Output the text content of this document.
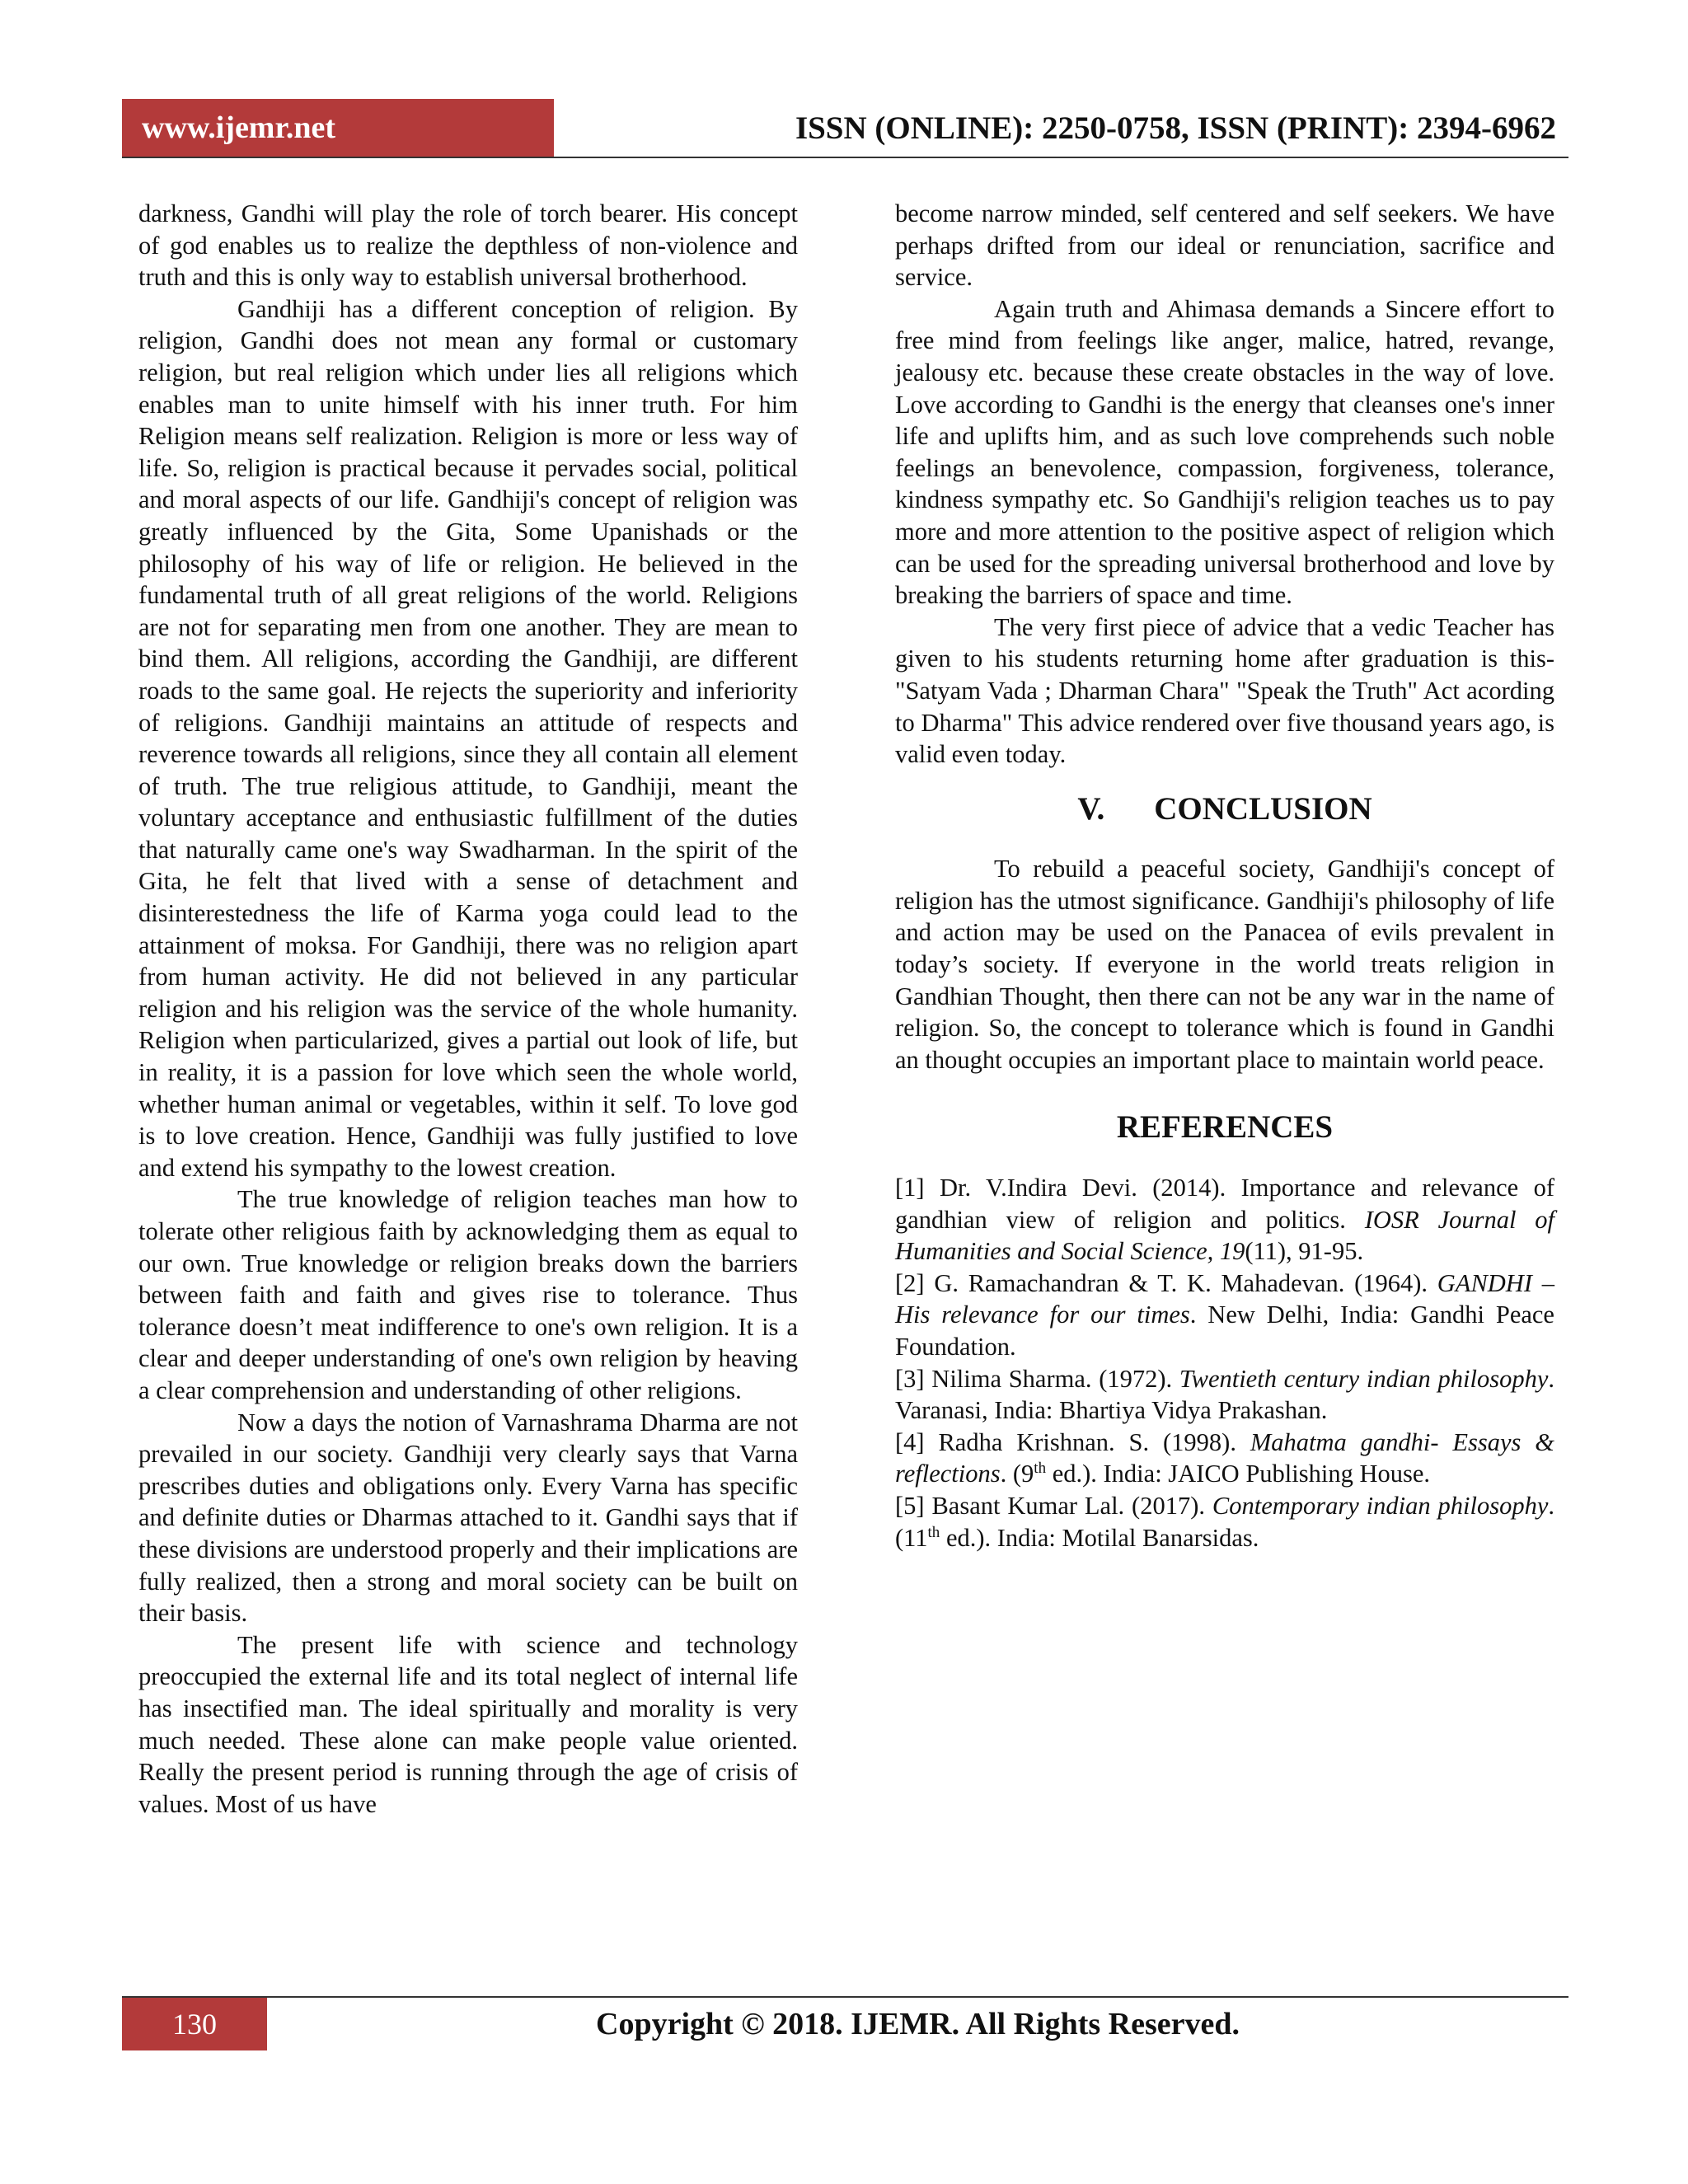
www.ijemr.net	ISSN (ONLINE): 2250-0758, ISSN (PRINT): 2394-6962

darkness, Gandhi will play the role of torch bearer. His concept of god enables us to realize the depthless of non-violence and truth and this is only way to establish universal brotherhood.

Gandhiji has a different conception of religion. By religion, Gandhi does not mean any formal or customary religion, but real religion which under lies all religions which enables man to unite himself with his inner truth. For him Religion means self realization. Religion is more or less way of life. So, religion is practical because it pervades social, political and moral aspects of our life. Gandhiji's concept of religion was greatly influenced by the Gita, Some Upanishads or the philosophy of his way of life or religion. He believed in the fundamental truth of all great religions of the world. Religions are not for separating men from one another. They are mean to bind them. All religions, according the Gandhiji, are different roads to the same goal. He rejects the superiority and inferiority of religions. Gandhiji maintains an attitude of respects and reverence towards all religions, since they all contain all element of truth. The true religious attitude, to Gandhiji, meant the voluntary acceptance and enthusiastic fulfillment of the duties that naturally came one's way Swadharman. In the spirit of the Gita, he felt that lived with a sense of detachment and disinterestedness the life of Karma yoga could lead to the attainment of moksa. For Gandhiji, there was no religion apart from human activity. He did not believed in any particular religion and his religion was the service of the whole humanity. Religion when particularized, gives a partial out look of life, but in reality, it is a passion for love which seen the whole world, whether human animal or vegetables, within it self. To love god is to love creation. Hence, Gandhiji was fully justified to love and extend his sympathy to the lowest creation.

The true knowledge of religion teaches man how to tolerate other religious faith by acknowledging them as equal to our own. True knowledge or religion breaks down the barriers between faith and faith and gives rise to tolerance. Thus tolerance doesn’t meat indifference to one's own religion. It is a clear and deeper understanding of one's own religion by heaving a clear comprehension and understanding of other religions.

Now a days the notion of Varnashrama Dharma are not prevailed in our society. Gandhiji very clearly says that Varna prescribes duties and obligations only. Every Varna has specific and definite duties or Dharmas attached to it. Gandhi says that if these divisions are understood properly and their implications are fully realized, then a strong and moral society can be built on their basis.

The present life with science and technology preoccupied the external life and its total neglect of internal life has insectified man. The ideal spiritually and morality is very much needed. These alone can make people value oriented. Really the present period is running through the age of crisis of values. Most of us have

become narrow minded, self centered and self seekers. We have perhaps drifted from our ideal or renunciation, sacrifice and service.

Again truth and Ahimasa demands a Sincere effort to free mind from feelings like anger, malice, hatred, revange, jealousy etc. because these create obstacles in the way of love. Love according to Gandhi is the energy that cleanses one's inner life and uplifts him, and as such love comprehends such noble feelings an benevolence, compassion, forgiveness, tolerance, kindness sympathy etc. So Gandhiji's religion teaches us to pay more and more attention to the positive aspect of religion which can be used for the spreading universal brotherhood and love by breaking the barriers of space and time.

The very first piece of advice that a vedic Teacher has given to his students returning home after graduation is this- "Satyam Vada ; Dharman Chara" "Speak the Truth" Act acording to Dharma" This advice rendered over five thousand years ago, is valid even today.

V. CONCLUSION

To rebuild a peaceful society, Gandhiji's concept of religion has the utmost significance. Gandhiji's philosophy of life and action may be used on the Panacea of evils prevalent in today’s society. If everyone in the world treats religion in Gandhian Thought, then there can not be any war in the name of religion. So, the concept to tolerance which is found in Gandhi an thought occupies an important place to maintain world peace.

REFERENCES

[1] Dr. V.Indira Devi. (2014). Importance and relevance of gandhian view of religion and politics. IOSR Journal of Humanities and Social Science, 19(11), 91-95.

[2] G. Ramachandran & T. K. Mahadevan. (1964). GANDHI – His relevance for our times. New Delhi, India: Gandhi Peace Foundation.

[3] Nilima Sharma. (1972). Twentieth century indian philosophy. Varanasi, India: Bhartiya Vidya Prakashan.

[4] Radha Krishnan. S. (1998). Mahatma gandhi- Essays & reflections. (9th ed.). India: JAICO Publishing House.

[5] Basant Kumar Lal. (2017). Contemporary indian philosophy. (11th ed.). India: Motilal Banarsidas.

130	Copyright © 2018. IJEMR. All Rights Reserved.
